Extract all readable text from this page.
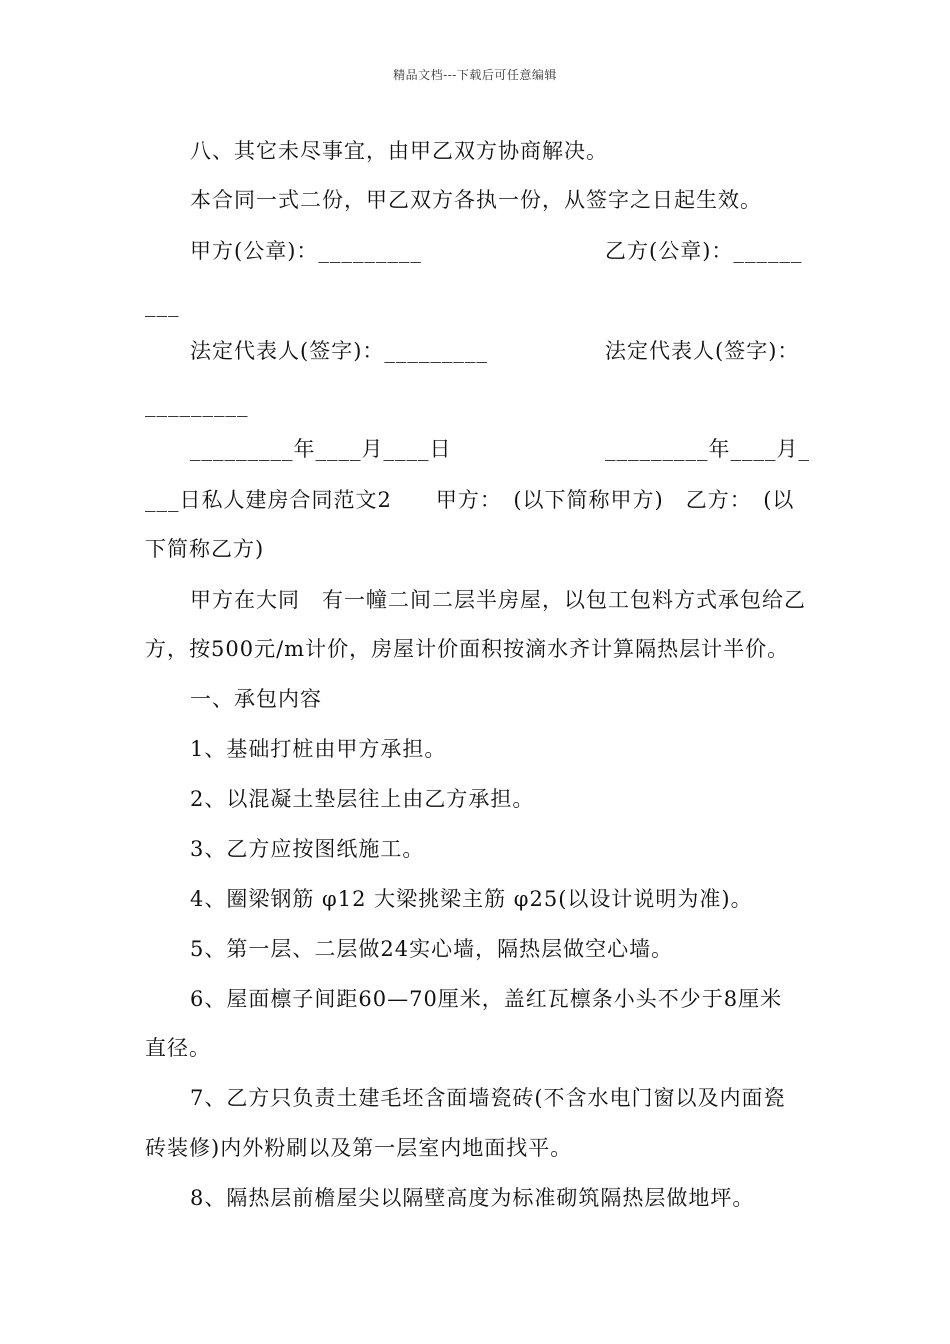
精品文档---下载后可任意编辑
八、其它未尽事宜，由甲乙双方协商解决。
本合同一式二份，甲乙双方各执一份，从签字之日起生效。
甲方(公章)：_________	乙方(公章)：______
___
法定代表人(签字)：_________	法定代表人(签字)：
_________
_________年____月____日	_________年____月_
___日私人建房合同范文2　　甲方：　(以下简称甲方)　乙方：　(以
下简称乙方)
甲方在大同　有一幢二间二层半房屋，以包工包料方式承包给乙
方，按500元/m计价，房屋计价面积按滴水齐计算隔热层计半价。
一、承包内容
1、基础打桩由甲方承担。
2、以混凝土垫层往上由乙方承担。
3、乙方应按图纸施工。
4、圈梁钢筋 φ12 大梁挑梁主筋 φ25(以设计说明为准)。
5、第一层、二层做24实心墙，隔热层做空心墙。
6、屋面檩子间距60—70厘米，盖红瓦檩条小头不少于8厘米
直径。
7、乙方只负责土建毛坯含面墙瓷砖(不含水电门窗以及内面瓷
砖装修)内外粉刷以及第一层室内地面找平。
8、隔热层前檐屋尖以隔壁高度为标准砌筑隔热层做地坪。
